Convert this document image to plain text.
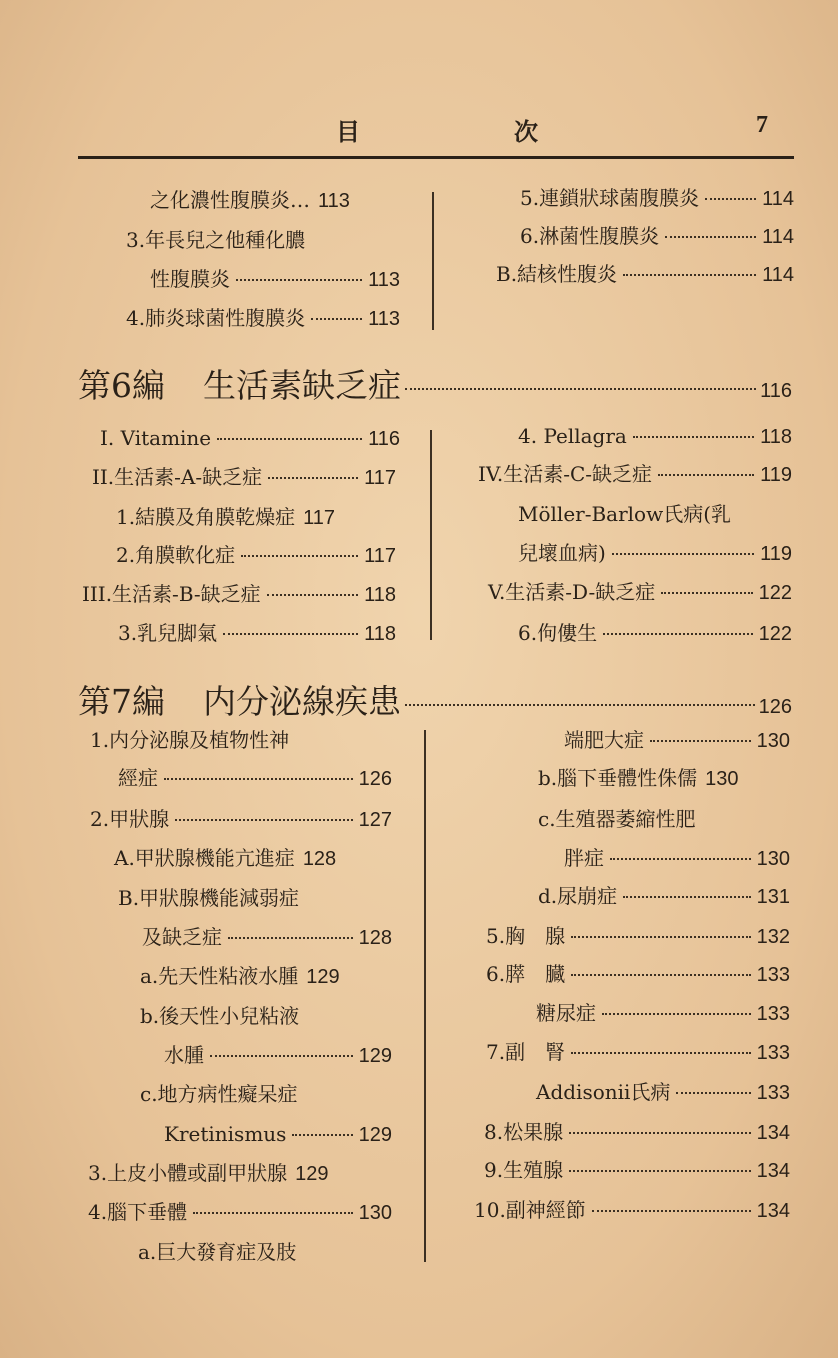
目	次	7
之化濃性腹膜炎… 113
3.年長兒之他種化膿
性腹膜炎	113
4.肺炎球菌性腹膜炎	113
5.連鎖狀球菌腹膜炎	114
6.淋菌性腹膜炎	114
B.結核性腹炎	114
第6編 生活素缺乏症	116
I. Vitamine	116
II.生活素-A-缺乏症	117
1.結膜及角膜乾燥症 117
2.角膜軟化症	117
III.生活素-B-缺乏症	118
3.乳兒脚氣	118
4. Pellagra	118
IV.生活素-C-缺乏症	119
Möller-Barlow氏病(乳
兒壞血病)	119
V.生活素-D-缺乏症	122
6.佝僂生	122
第7編 内分泌線疾患	126
1.内分泌腺及植物性神
經症	126
2.甲狀腺	127
A.甲狀腺機能亢進症 128
B.甲狀腺機能減弱症
及缺乏症	128
a.先天性粘液水腫 129
b.後天性小兒粘液
水腫	129
c.地方病性癡呆症
Kretinismus	129
3.上皮小體或副甲狀腺 129
4.腦下垂體	130
a.巨大發育症及肢
端肥大症	130
b.腦下垂體性侏儒 130
c.生殖器萎縮性肥
胖症	130
d.尿崩症	131
5.胸　腺	132
6.膵　臓	133
糖尿症	133
7.副　腎	133
Addisonii氏病	133
8.松果腺	134
9.生殖腺	134
10.副神經節	134
